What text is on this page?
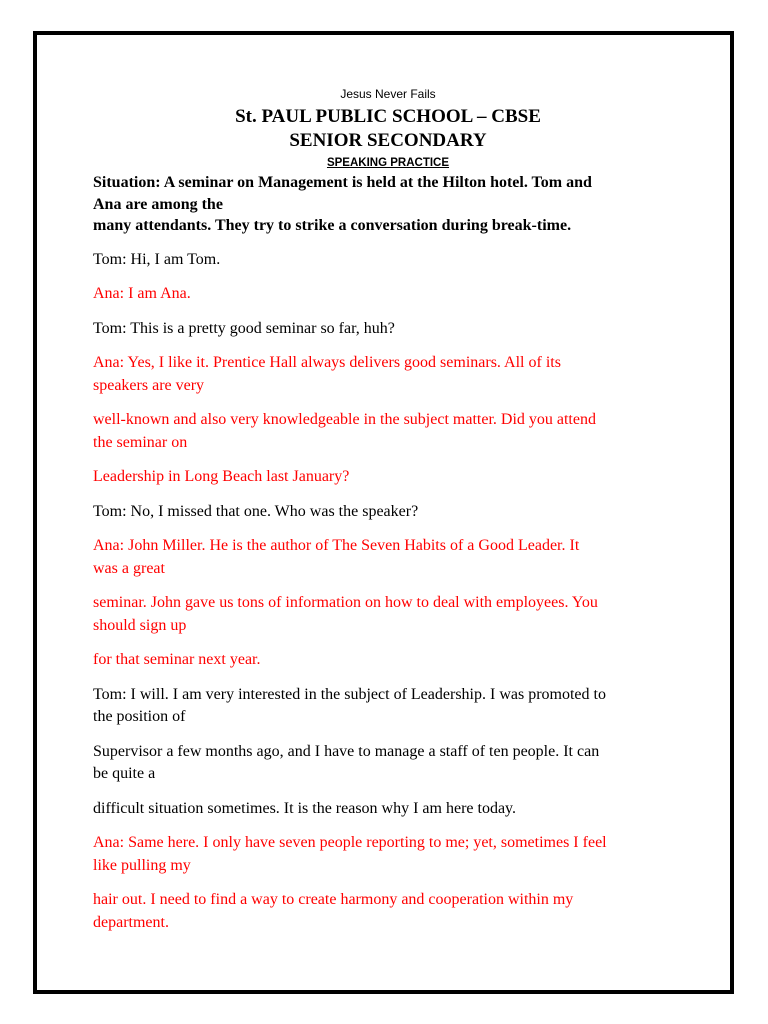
Jesus Never Fails

St. PAUL PUBLIC SCHOOL – CBSE

SENIOR SECONDARY

SPEAKING PRACTICE

Situation: A seminar on Management is held at the Hilton hotel. Tom and
Ana are among the
many attendants. They try to strike a conversation during break-time.

Tom: Hi, I am Tom.

Ana: I am Ana.

Tom: This is a pretty good seminar so far, huh?

Ana: Yes, I like it. Prentice Hall always delivers good seminars. All of its
speakers are very

well-known and also very knowledgeable in the subject matter. Did you attend
the seminar on

Leadership in Long Beach last January?

Tom: No, I missed that one. Who was the speaker?

Ana: John Miller. He is the author of The Seven Habits of a Good Leader. It
was a great

seminar. John gave us tons of information on how to deal with employees. You
should sign up

for that seminar next year.

Tom: I will. I am very interested in the subject of Leadership. I was promoted to
the position of

Supervisor a few months ago, and I have to manage a staff of ten people. It can
be quite a

difficult situation sometimes. It is the reason why I am here today.

Ana: Same here. I only have seven people reporting to me; yet, sometimes I feel
like pulling my

hair out. I need to find a way to create harmony and cooperation within my
department.
